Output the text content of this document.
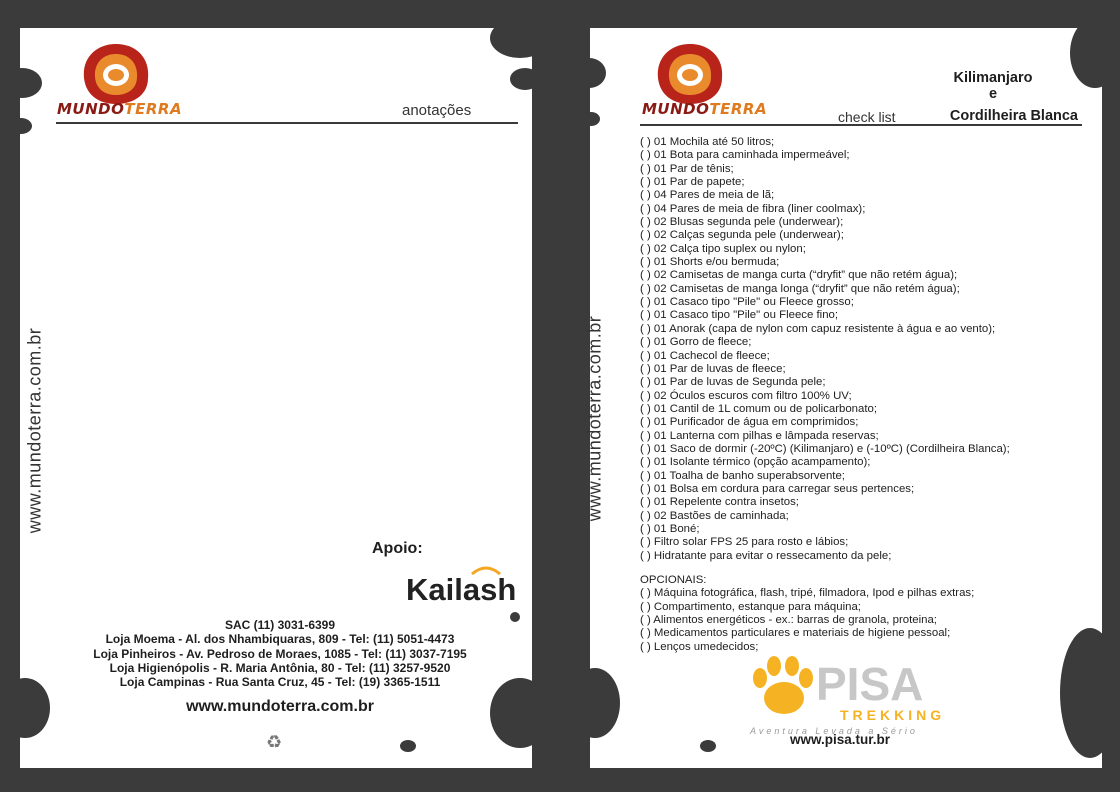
MUNDOTERRA	anotações
www.mundoterra.com.br
Apoio:
Kailash
SAC (11) 3031-6399
Loja Moema - Al. dos Nhambiquaras, 809 - Tel: (11) 5051-4473
Loja Pinheiros - Av. Pedroso de Moraes, 1085 - Tel: (11) 3037-7195
Loja Higienópolis - R. Maria Antônia, 80 - Tel: (11) 3257-9520
Loja Campinas - Rua Santa Cruz, 45 - Tel: (19) 3365-1511
www.mundoterra.com.br
♻
MUNDOTERRA
Kilimanjaro
e
Cordilheira Blanca
check list
www.mundoterra.com.br
( ) 01 Mochila até 50 litros;
( ) 01 Bota para caminhada impermeável;
( ) 01 Par de tênis;
( ) 01 Par de papete;
( ) 04 Pares de meia de lã;
( ) 04 Pares de meia de fibra (liner coolmax);
( ) 02 Blusas segunda pele (underwear);
( ) 02 Calças segunda pele (underwear);
( ) 02 Calça tipo suplex ou nylon;
( ) 01 Shorts e/ou bermuda;
( ) 02 Camisetas de manga curta (“dryfit” que não retém água);
( ) 02 Camisetas de manga longa (“dryfit” que não retém água);
( ) 01 Casaco tipo "Pile" ou Fleece grosso;
( ) 01 Casaco tipo "Pile" ou Fleece fino;
( ) 01 Anorak (capa de nylon com capuz resistente à água e ao vento);
( ) 01 Gorro de fleece;
( ) 01 Cachecol de fleece;
( ) 01 Par de luvas de fleece;
( ) 01 Par de luvas de Segunda pele;
( ) 02 Óculos escuros com filtro 100% UV;
( ) 01 Cantil de 1L comum ou de policarbonato;
( ) 01 Purificador de água em comprimidos;
( ) 01 Lanterna com pilhas e lâmpada reservas;
( ) 01 Saco de dormir (-20ºC) (Kilimanjaro) e (-10ºC) (Cordilheira Blanca);
( ) 01 Isolante térmico (opção acampamento);
( ) 01 Toalha de banho superabsorvente;
( ) 01 Bolsa em cordura para carregar seus pertences;
( ) 01 Repelente contra insetos;
( ) 02 Bastões de caminhada;
( ) 01 Boné;
( ) Filtro solar FPS 25 para rosto e lábios;
( ) Hidratante para evitar o ressecamento da pele;
OPCIONAIS:
( ) Máquina fotográfica, flash, tripé, filmadora, Ipod e pilhas extras;
( ) Compartimento, estanque para máquina;
( ) Alimentos energéticos - ex.: barras de granola, proteina;
( ) Medicamentos particulares e materiais de higiene pessoal;
( ) Lenços umedecidos;
PISA
TREKKING
Aventura Levada a Sério
www.pisa.tur.br
